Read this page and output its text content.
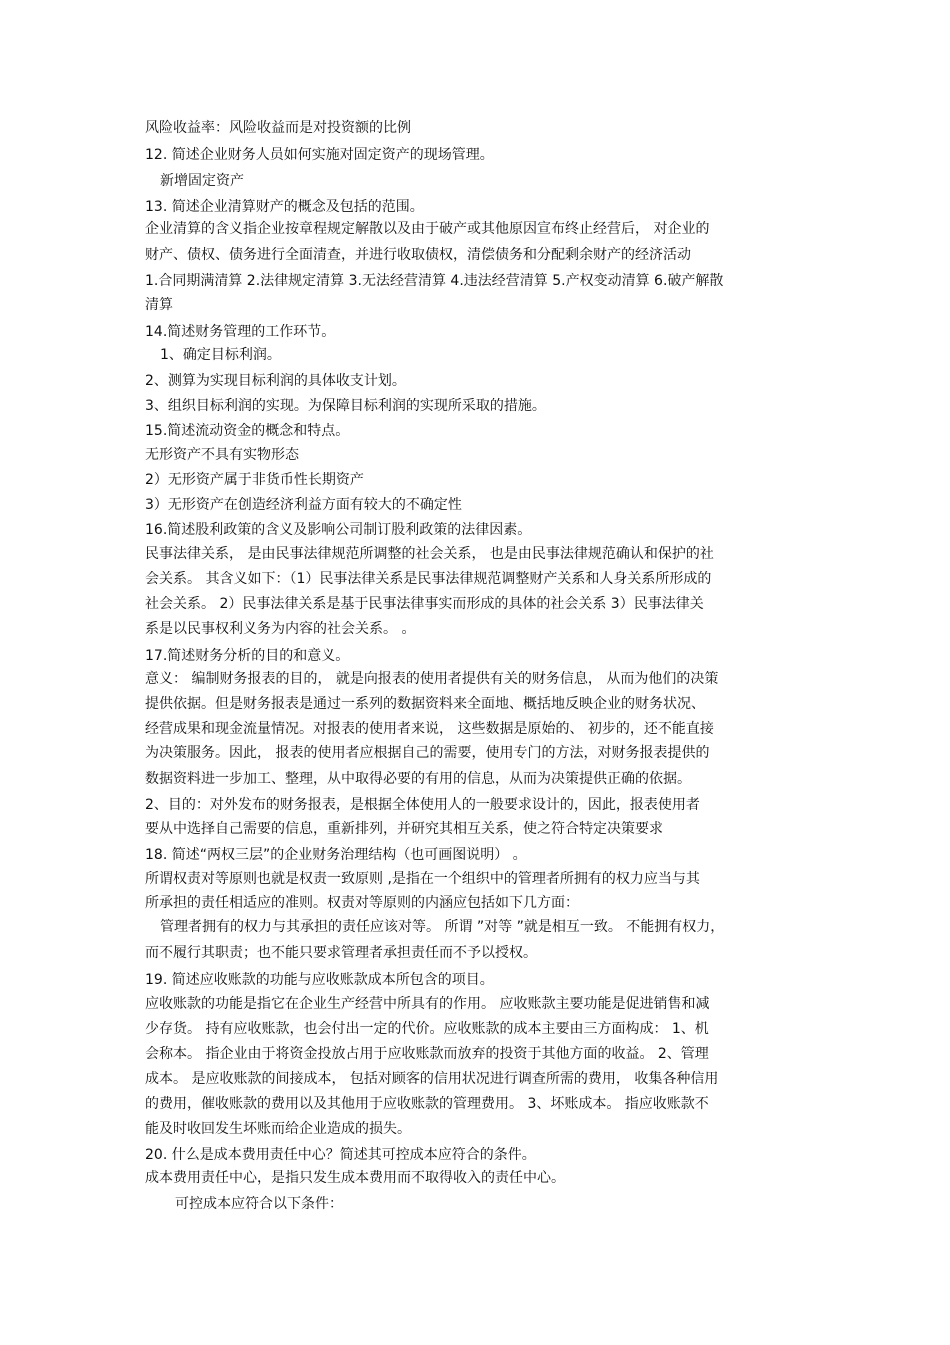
风险收益率：风险收益而是对投资额的比例
12. 简述企业财务人员如何实施对固定资产的现场管理。
新增固定资产
13. 简述企业清算财产的概念及包括的范围。
企业清算的含义指企业按章程规定解散以及由于破产或其他原因宣布终止经营后， 对企业的
财产、债权、债务进行全面清查，并进行收取债权，清偿债务和分配剩余财产的经济活动
1.合同期满清算 2.法律规定清算 3.无法经营清算 4.违法经营清算 5.产权变动清算 6.破产解散
清算
14.简述财务管理的工作环节。
1、确定目标利润。
2、测算为实现目标利润的具体收支计划。
3、组织目标利润的实现。为保障目标利润的实现所采取的措施。
15.简述流动资金的概念和特点。
无形资产不具有实物形态
2）无形资产属于非货币性长期资产
3）无形资产在创造经济利益方面有较大的不确定性
16.简述股利政策的含义及影响公司制订股利政策的法律因素。
民事法律关系， 是由民事法律规范所调整的社会关系， 也是由民事法律规范确认和保护的社
会关系。 其含义如下：（1）民事法律关系是民事法律规范调整财产关系和人身关系所形成的
社会关系。 2）民事法律关系是基于民事法律事实而形成的具体的社会关系 3）民事法律关
系是以民事权利义务为内容的社会关系。 。
17.简述财务分析的目的和意义。
意义： 编制财务报表的目的， 就是向报表的使用者提供有关的财务信息， 从而为他们的决策
提供依据。但是财务报表是通过一系列的数据资料来全面地、概括地反映企业的财务状况、
经营成果和现金流量情况。对报表的使用者来说， 这些数据是原始的、 初步的，还不能直接
为决策服务。因此， 报表的使用者应根据自己的需要，使用专门的方法，对财务报表提供的
数据资料进一步加工、整理，从中取得必要的有用的信息，从而为决策提供正确的依据。
2、目的：对外发布的财务报表，是根据全体使用人的一般要求设计的，因此，报表使用者
要从中选择自己需要的信息，重新排列，并研究其相互关系，使之符合特定决策要求
18. 简述“两权三层”的企业财务治理结构（也可画图说明） 。
所谓权责对等原则也就是权责一致原则 ,是指在一个组织中的管理者所拥有的权力应当与其
所承担的责任相适应的准则。权责对等原则的内涵应包括如下几方面：
管理者拥有的权力与其承担的责任应该对等。 所谓 ”对等 ”就是相互一致。 不能拥有权力，
而不履行其职责；也不能只要求管理者承担责任而不予以授权。
19. 简述应收账款的功能与应收账款成本所包含的项目。
应收账款的功能是指它在企业生产经营中所具有的作用。 应收账款主要功能是促进销售和减
少存货。 持有应收账款，也会付出一定的代价。应收账款的成本主要由三方面构成： 1、机
会称本。 指企业由于将资金投放占用于应收账款而放弃的投资于其他方面的收益。 2、管理
成本。 是应收账款的间接成本， 包括对顾客的信用状况进行调查所需的费用， 收集各种信用
的费用，催收账款的费用以及其他用于应收账款的管理费用。 3、坏账成本。 指应收账款不
能及时收回发生坏账而给企业造成的损失。
20. 什么是成本费用责任中心？简述其可控成本应符合的条件。
成本费用责任中心，是指只发生成本费用而不取得收入的责任中心。
可控成本应符合以下条件：
